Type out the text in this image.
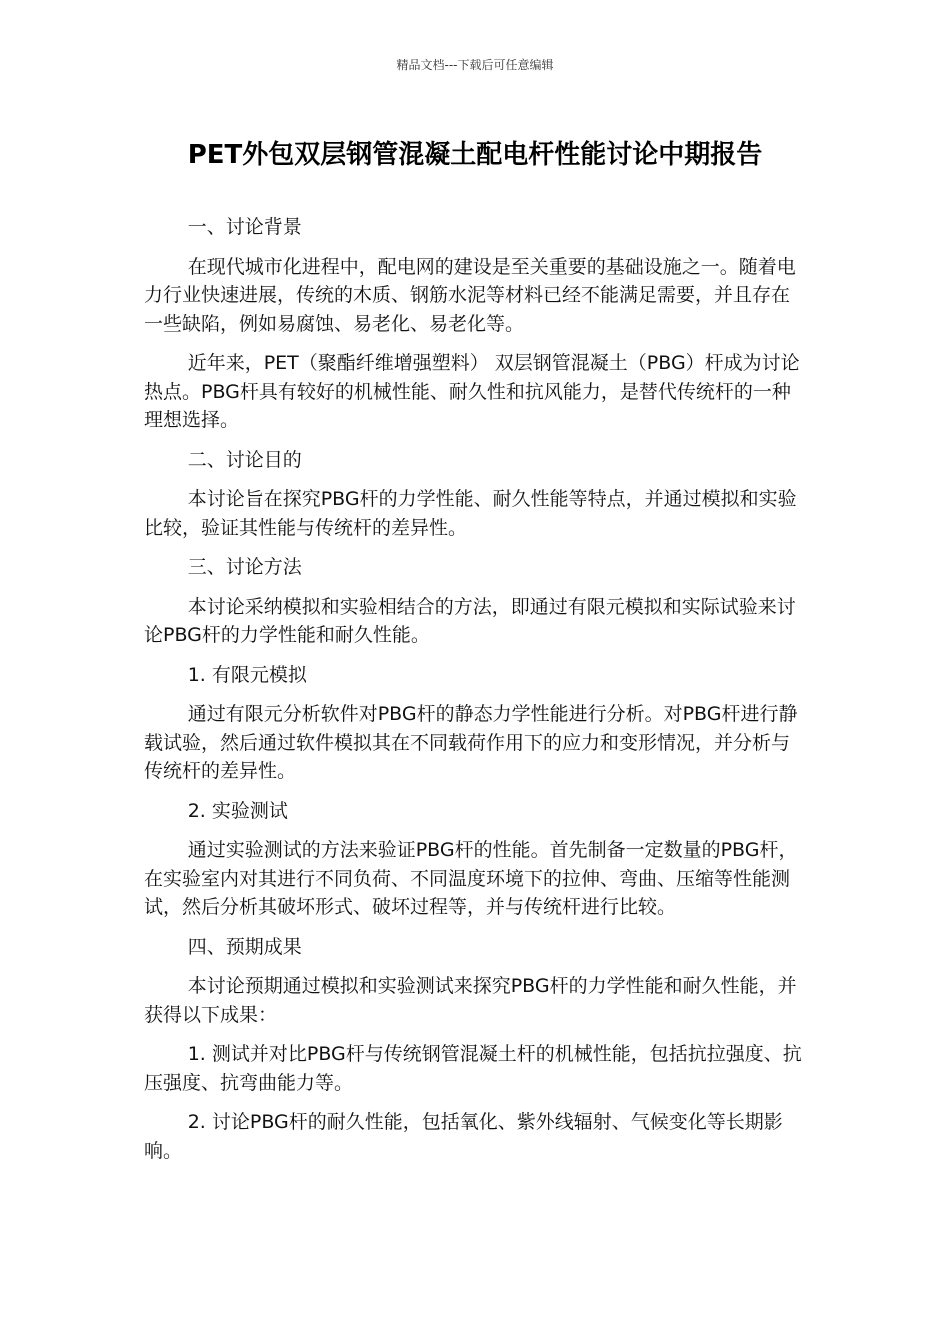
精品文档---下载后可任意编辑
PET外包双层钢管混凝土配电杆性能讨论中期报告

一、讨论背景

在现代城市化进程中，配电网的建设是至关重要的基础设施之一。随着电力行业快速进展，传统的木质、钢筋水泥等材料已经不能满足需要，并且存在一些缺陷，例如易腐蚀、易老化、易老化等。

近年来，PET（聚酯纤维增强塑料） 双层钢管混凝土（PBG）杆成为讨论热点。PBG杆具有较好的机械性能、耐久性和抗风能力，是替代传统杆的一种理想选择。

二、讨论目的

本讨论旨在探究PBG杆的力学性能、耐久性能等特点，并通过模拟和实验比较，验证其性能与传统杆的差异性。

三、讨论方法

本讨论采纳模拟和实验相结合的方法，即通过有限元模拟和实际试验来讨论PBG杆的力学性能和耐久性能。

1. 有限元模拟

通过有限元分析软件对PBG杆的静态力学性能进行分析。对PBG杆进行静载试验，然后通过软件模拟其在不同载荷作用下的应力和变形情况，并分析与传统杆的差异性。

2. 实验测试

通过实验测试的方法来验证PBG杆的性能。首先制备一定数量的PBG杆，在实验室内对其进行不同负荷、不同温度环境下的拉伸、弯曲、压缩等性能测试，然后分析其破坏形式、破坏过程等，并与传统杆进行比较。

四、预期成果

本讨论预期通过模拟和实验测试来探究PBG杆的力学性能和耐久性能，并获得以下成果：

1. 测试并对比PBG杆与传统钢管混凝土杆的机械性能，包括抗拉强度、抗压强度、抗弯曲能力等。

2. 讨论PBG杆的耐久性能，包括氧化、紫外线辐射、气候变化等长期影响。
